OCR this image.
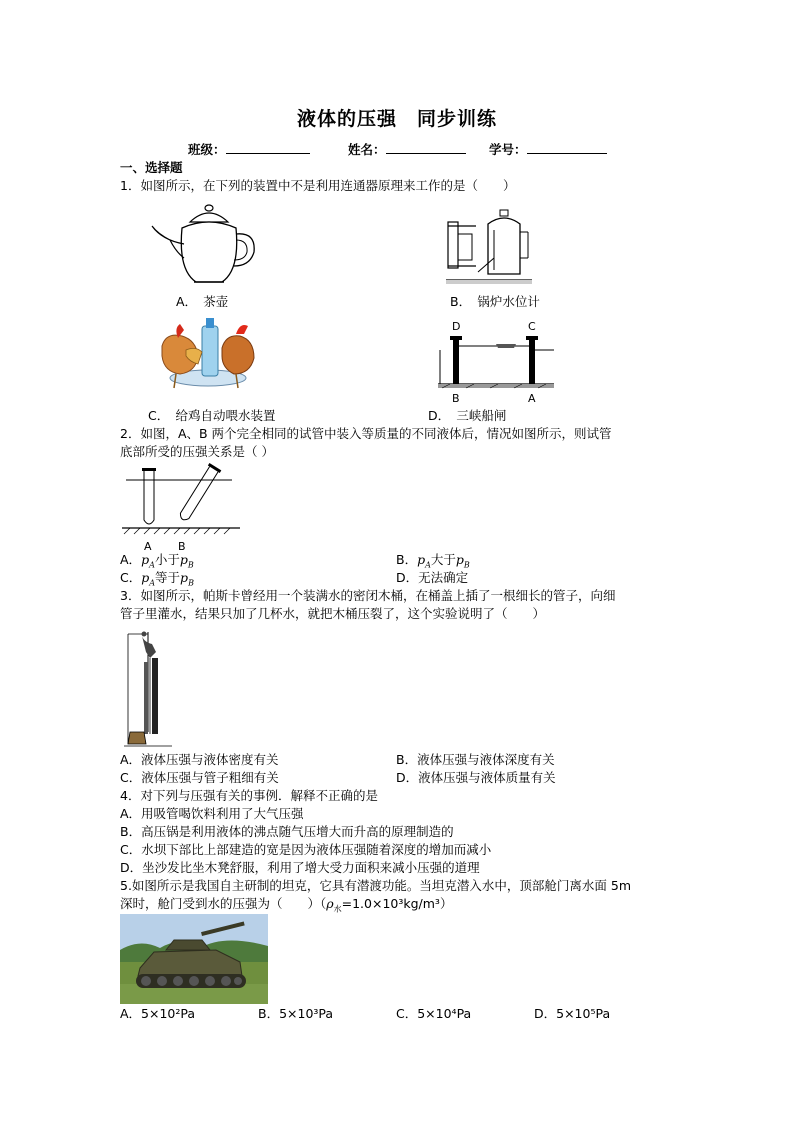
液体的压强　同步训练
班级：	姓名：	学号：
一、选择题
1．如图所示，在下列的装置中不是利用连通器原理来工作的是（　　）
A．　茶壶	B．　锅炉水位计
C．　给鸡自动喂水装置
D	C
B	A
D．　三峡船闸
2．如图，A、B 两个完全相同的试管中装入等质量的不同液体后，情况如图所示，则试管
底部所受的压强关系是（ ）
A B
A．$p_A$小于$p_B$	B．$p_A$大于$p_B$
C．$p_A$等于$p_B$	D．无法确定
3．如图所示，帕斯卡曾经用一个装满水的密闭木桶，在桶盖上插了一根细长的管子，向细
管子里灌水，结果只加了几杯水，就把木桶压裂了，这个实验说明了（　　）
A．液体压强与液体密度有关	B．液体压强与液体深度有关
C．液体压强与管子粗细有关	D．液体压强与液体质量有关
4．对下列与压强有关的事例．解释不正确的是
A．用吸管喝饮料利用了大气压强
B．高压锅是利用液体的沸点随气压增大而升高的原理制造的
C．水坝下部比上部建造的宽是因为液体压强随着深度的增加而减小
D．坐沙发比坐木凳舒服，利用了增大受力面积来减小压强的道理
5.如图所示是我国自主研制的坦克，它具有潜渡功能。当坦克潜入水中，顶部舱门离水面 5m
深时，舱门受到水的压强为（　　）$(\rho_水=1.0\times 10^3kg/m^3)$
A．5×10²Pa	B．5×10³Pa	C．5×10⁴Pa	D．5×10⁵Pa
